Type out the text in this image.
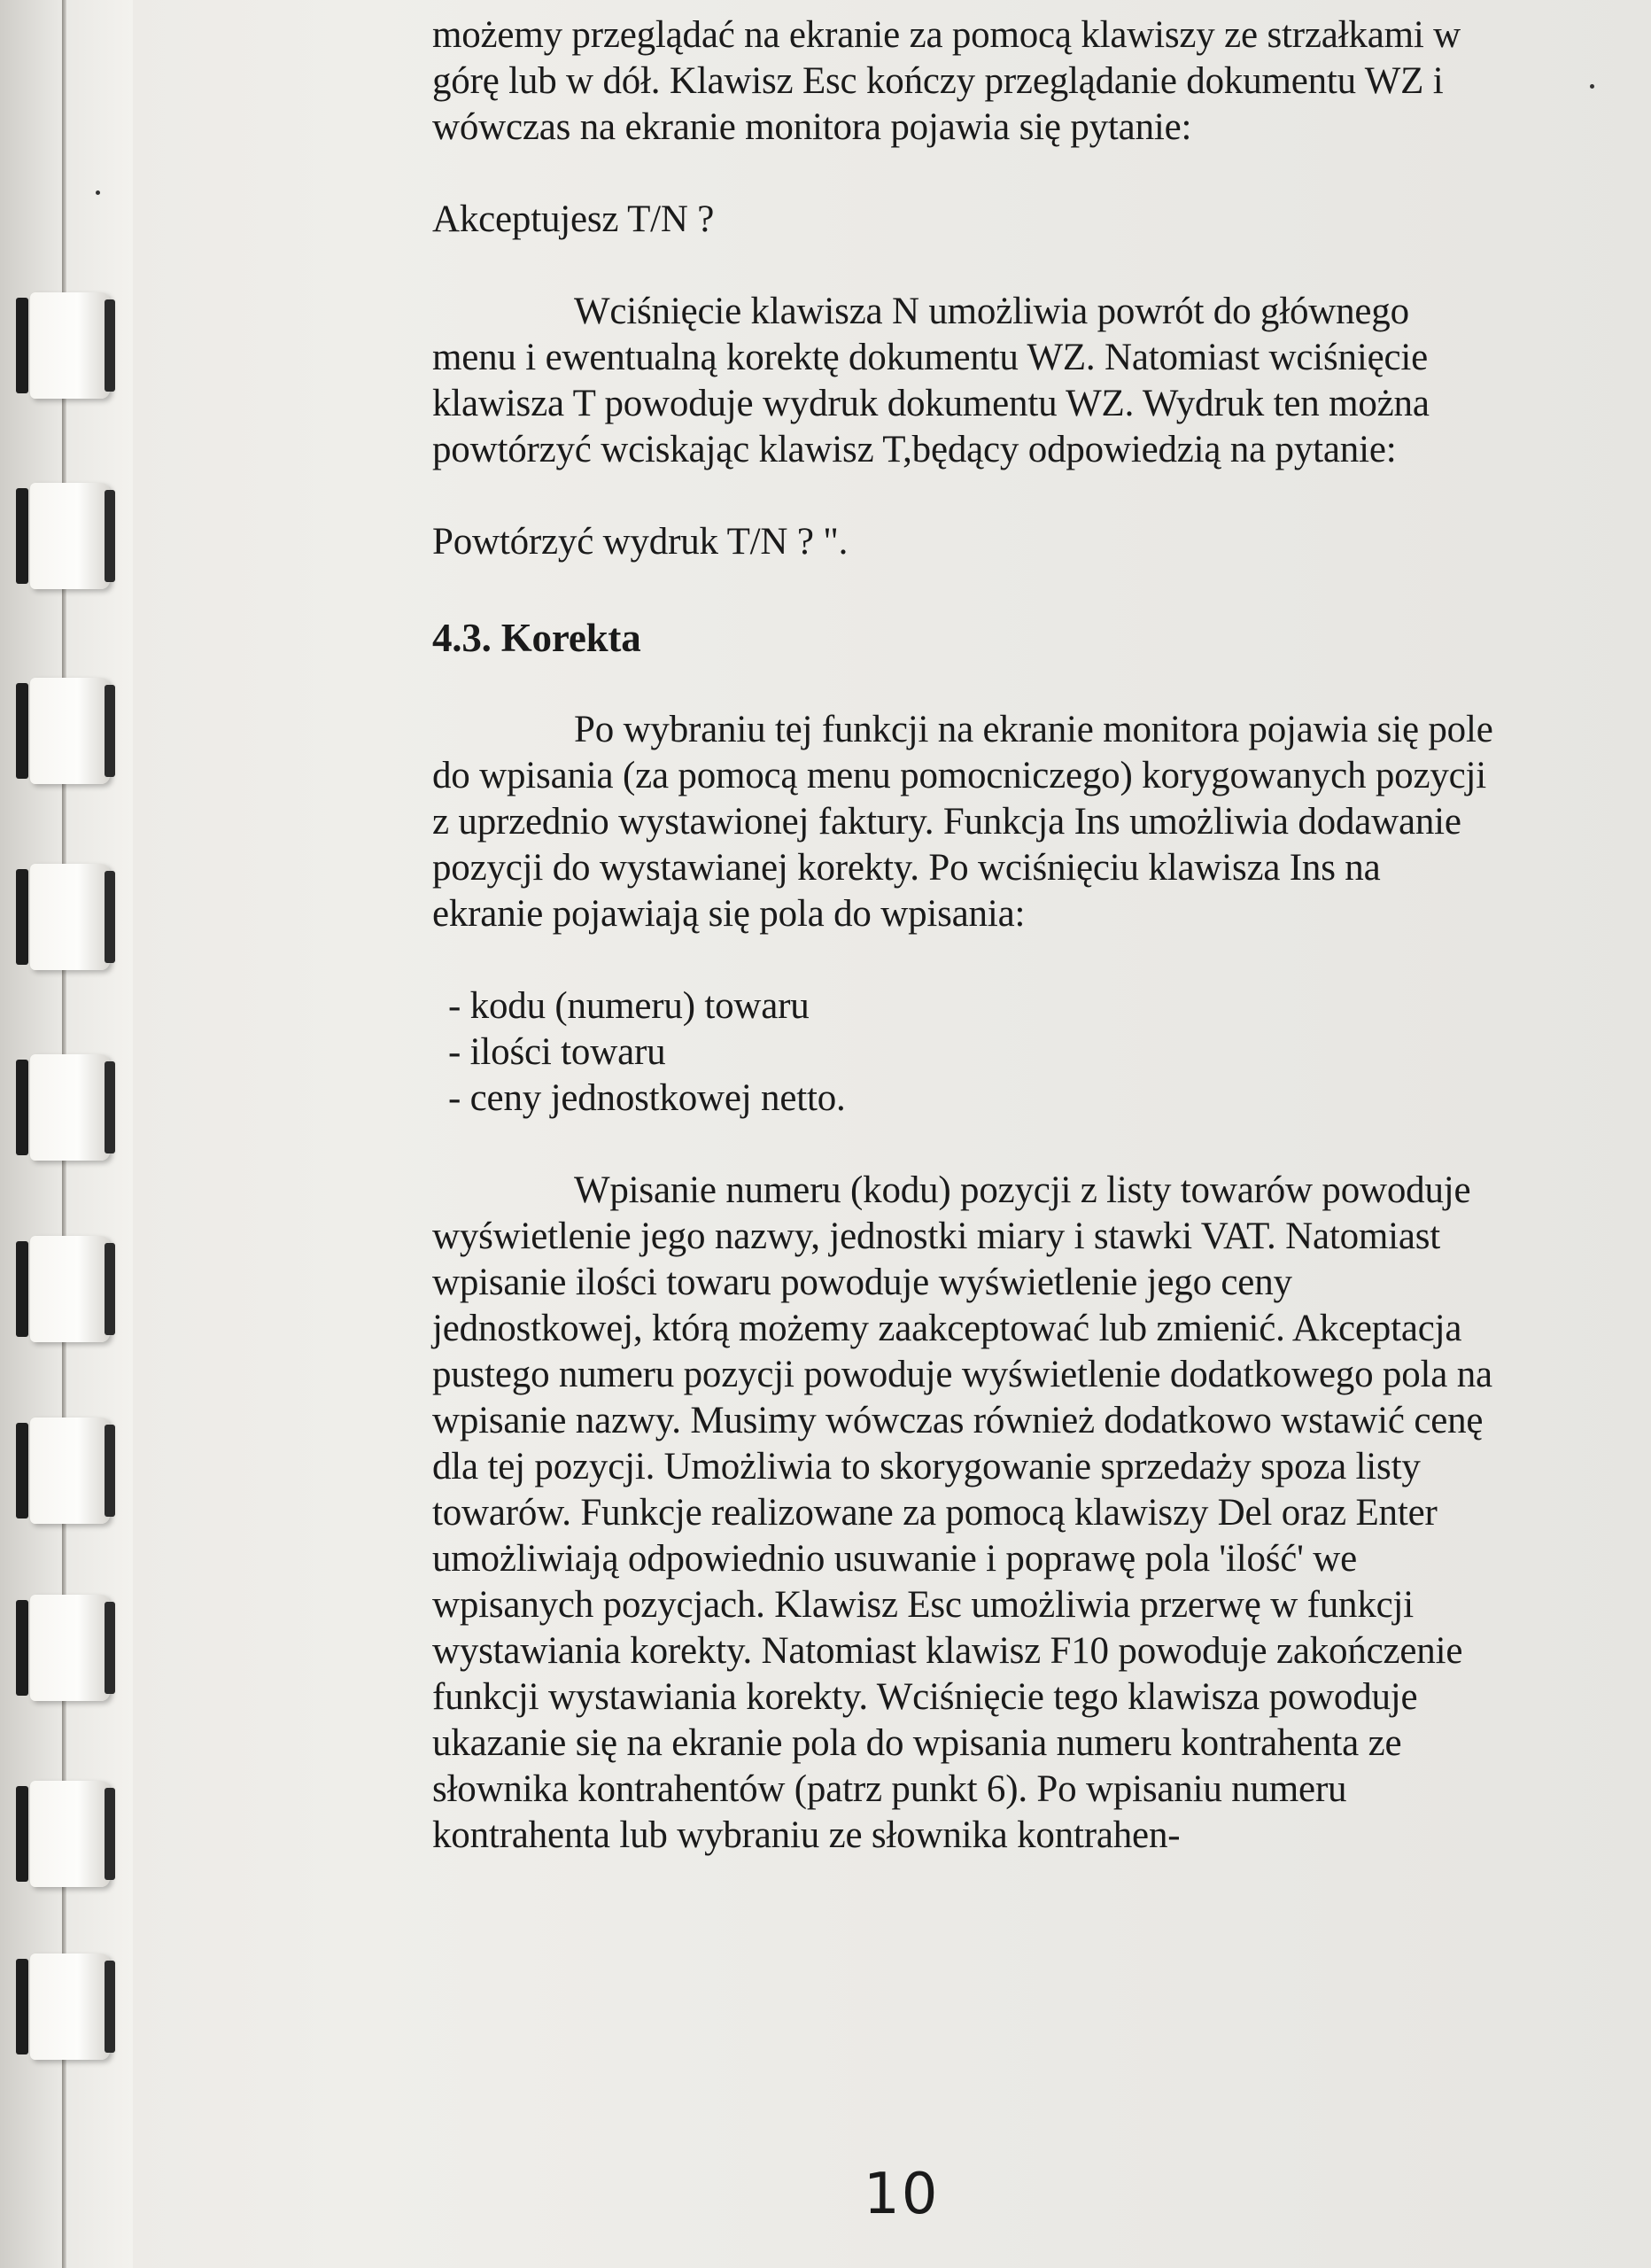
możemy przeglądać na ekranie za pomocą klawiszy ze strzałkami w górę lub w dół. Klawisz Esc kończy przeglądanie dokumentu WZ i wówczas na ekranie monitora pojawia się pytanie:

Akceptujesz T/N ?

Wciśnięcie klawisza N umożliwia powrót do głównego menu i ewentualną korektę dokumentu WZ. Natomiast wciśnięcie klawisza T powoduje wydruk dokumentu WZ. Wydruk ten można powtórzyć wciskając klawisz T,będący odpowiedzią na pytanie:

Powtórzyć wydruk T/N ? ".

4.3. Korekta

Po wybraniu tej funkcji na ekranie monitora pojawia się pole do wpisania (za pomocą menu pomocniczego) korygowanych pozycji z uprzednio wystawionej faktury. Funkcja Ins umożliwia dodawanie pozycji do wystawianej korekty. Po wciśnięciu klawisza Ins na ekranie pojawiają się pola do wpisania:

- kodu (numeru) towaru
- ilości towaru
- ceny jednostkowej netto.

Wpisanie numeru (kodu) pozycji z listy towarów powoduje wyświetlenie jego nazwy, jednostki miary i stawki VAT. Natomiast wpisanie ilości towaru powoduje wyświetlenie jego ceny jednostkowej, którą możemy zaakceptować lub zmienić. Akceptacja pustego numeru pozycji powoduje wyświetlenie dodatkowego pola na wpisanie nazwy. Musimy wówczas również dodatkowo wstawić cenę dla tej pozycji. Umożliwia to skorygowanie sprzedaży spoza listy towarów. Funkcje realizowane za pomocą klawiszy Del oraz Enter umożliwiają odpowiednio usuwanie i poprawę pola 'ilość' we wpisanych pozycjach. Klawisz Esc umożliwia przerwę w funkcji wystawiania korekty. Natomiast klawisz F10 powoduje zakończenie funkcji wystawiania korekty. Wciśnięcie tego klawisza powoduje ukazanie się na ekranie pola do wpisania numeru kontrahenta ze słownika kontrahentów (patrz punkt 6). Po wpisaniu numeru kontrahenta lub wybraniu ze słownika kontrahen-

10
